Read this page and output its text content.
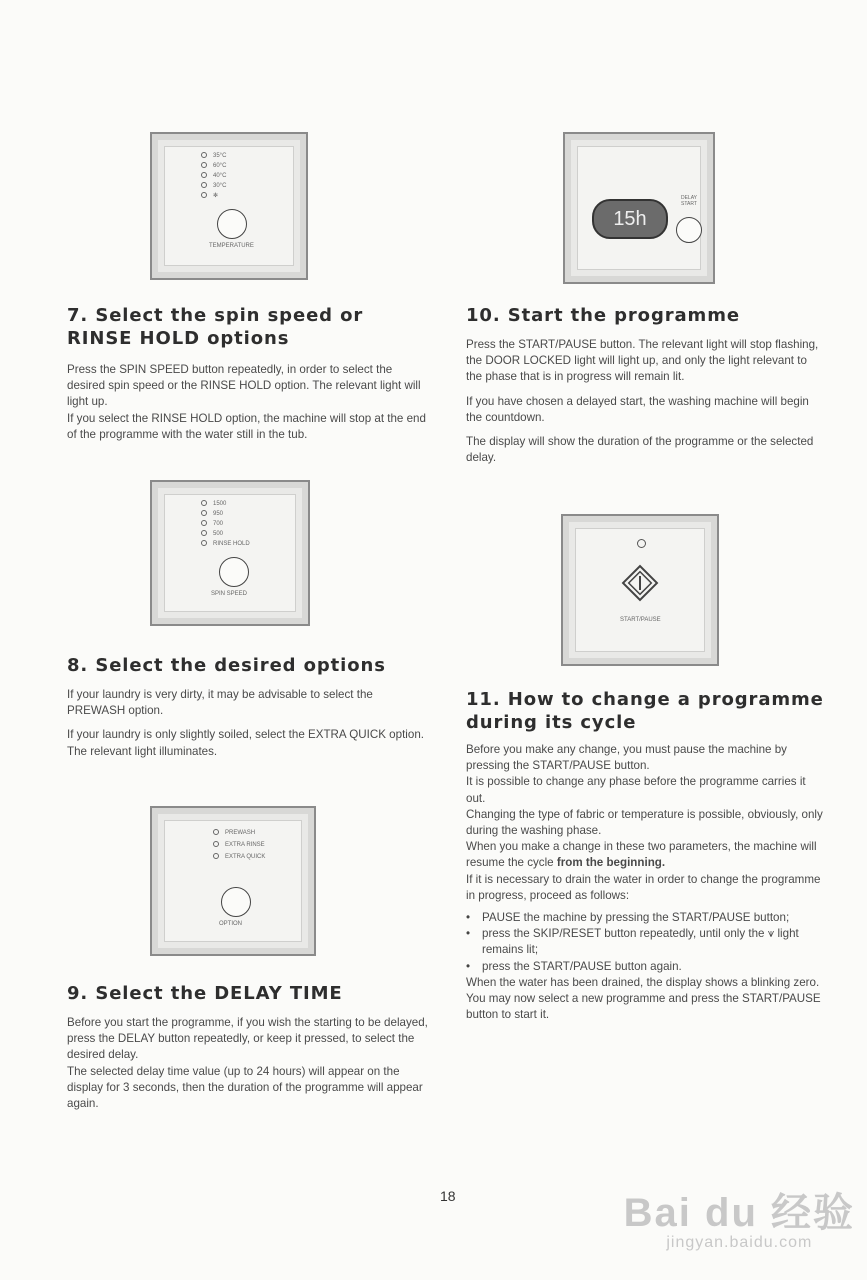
35°C
60°C
40°C
30°C
✻
TEMPERATURE
7. Select the spin speed or RINSE HOLD options

Press the SPIN SPEED button repeatedly, in order to select the desired spin speed or the RINSE HOLD option. The relevant light will light up.

If you select the RINSE HOLD option, the machine will stop at the end of the programme with the water still in the tub.

1500
950
700
500
RINSE HOLD
SPIN SPEED
8. Select the desired options

If your laundry is very dirty, it may be advisable to select the PREWASH option.

If your laundry is only slightly soiled, select the EXTRA QUICK option.

The relevant light illuminates.

PREWASH
EXTRA RINSE
EXTRA QUICK
OPTION
9. Select the DELAY TIME

Before you start the programme, if you wish the starting to be delayed, press the DELAY button repeatedly, or keep it pressed, to select the desired delay.

The selected delay time value (up to 24 hours) will appear on the display for 3 seconds, then the duration of the programme will appear again.

15h
DELAY START
10. Start the programme

Press the START/PAUSE button. The relevant light will stop flashing, the DOOR LOCKED light will light up, and only the light relevant to the phase that is in progress will remain lit.

If you have chosen a delayed start, the washing machine will begin the countdown.

The display will show the duration of the programme or the selected delay.

START/PAUSE
11. How to change a programme during its cycle

Before you make any change, you must pause the machine by pressing the START/PAUSE button.

It is possible to change any phase before the programme carries it out.

Changing the type of fabric or temperature is possible, obviously, only during the washing phase.

When you make a change in these two parameters, the machine will resume the cycle from the beginning.

If it is necessary to drain the water in order to change the programme in progress, proceed as follows:

• PAUSE the machine by pressing the START/PAUSE button;
• press the SKIP/RESET button repeatedly, until only the ⩛ light remains lit;
• press the START/PAUSE button again.

When the water has been drained, the display shows a blinking zero.

You may now select a new programme and press the START/PAUSE button to start it.

18	Bai du 经验
jingyan.baidu.com
